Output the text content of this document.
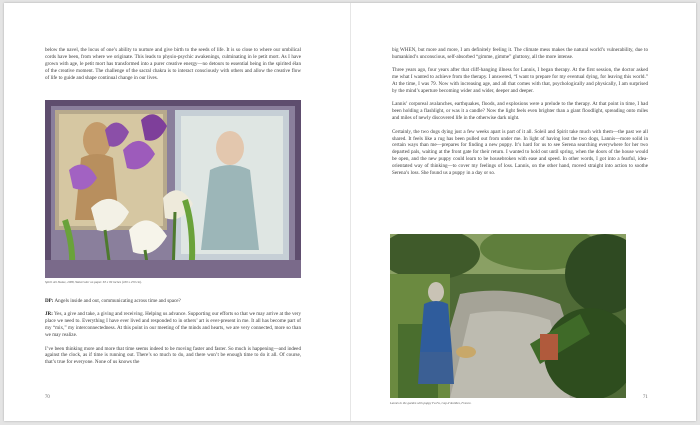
below the navel, the locus of one’s ability to nurture and give birth to the seeds of life. It is so close to where our umbilical cords have been, from where we originate. This leads to physio-psychic awakenings, culminating in le petit mort. As I have grown with age, le petit mort has transformed into a purer creative energy—no detours to essential being in the spirited élan of the creative moment. The challenge of the sacral chakra is to interact consciously with others and allow the creative flow of life to guide and shape continual change in our lives.

Spirit Art Statue, 2008, Watercolor on paper. 63 x 99 inches (160 x 250 cm).

DP: Angels inside and out, communicating across time and space?

JR: Yes, a give and take, a giving and receiving. Helping us advance. Supporting our efforts so that we may arrive at the very place we need to. Everything I have ever lived and responded to in others’ art is ever-present in me. It all has become part of my “mix,” my interconnectedness. At this point in our meeting of the minds and hearts, we are very connected, more so than we may realize.

I’ve been thinking more and more that time seems indeed to be moving faster and faster. So much is happening—and indeed against the clock, as if time is running out. There’s so much to do, and there won’t be enough time to do it all. Of course, that’s true for everyone. None of us knows the

70

big WHEN, but more and more, I am definitely feeling it. The climate mess makes the natural world’s vulnerability, due to humankind’s unconscious, self-absorbed “gimme, gimme” gluttony, all the more intense.

Three years ago, four years after that cliff-hanging illness for Lannis, I began therapy. At the first session, the doctor asked me what I wanted to achieve from the therapy. I answered, “I want to prepare for my eventual dying, for leaving this world.” At the time, I was 79. Now with increasing age, and all that comes with that, psychologically and physically, I am surprised by the mind’s aperture becoming wider and wider, deeper and deeper.

Lannis’ corporeal avalanches, earthquakes, floods, and explosions were a prelude to the therapy. At that point in time, I had been holding a flashlight, or was it a candle? Now the light feels even brighter than a giant floodlight, spreading onto miles and miles of newly discovered life in the otherwise dark night.

Certainly, the two dogs dying just a few weeks apart is part of it all. Soleil and Spirit take much with them—the past we all shared. It feels like a rug has been pulled out from under me. In light of having lost the two dogs, Lannis—more solid in certain ways than me—prepares for finding a new puppy. It’s hard for us to see Serena searching everywhere for her two departed pals, waiting at the front gate for their return. I wanted to hold out until spring, when the doors of the house would be open, and the new puppy could learn to be housebroken with ease and speed. In other words, I got into a fearful, idea-orientated way of thinking—to cover my feelings of loss. Lannis, on the other hand, moved straight into action to soothe Serena’s loss. She found us a puppy in a day or so.

Lannis in the garden with puppy Fa Fa, Cap d’Antibes, France.

71
